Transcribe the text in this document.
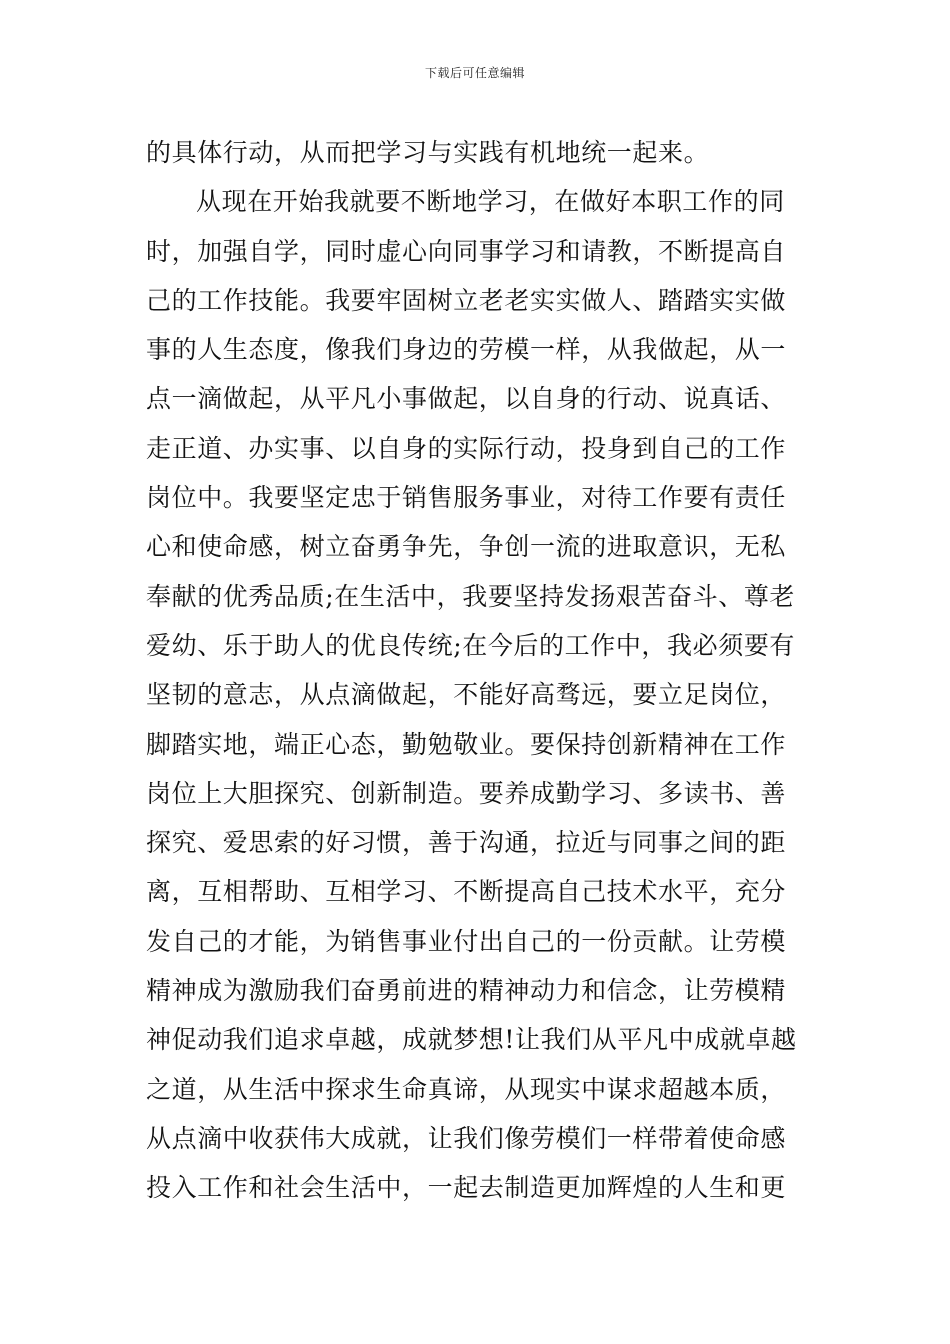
下载后可任意编辑
的具体行动，从而把学习与实践有机地统一起来。
从现在开始我就要不断地学习，在做好本职工作的同
时，加强自学，同时虚心向同事学习和请教，不断提高自
己的工作技能。我要牢固树立老老实实做人、踏踏实实做
事的人生态度，像我们身边的劳模一样，从我做起，从一
点一滴做起，从平凡小事做起，以自身的行动、说真话、
走正道、办实事、以自身的实际行动，投身到自己的工作
岗位中。我要坚定忠于销售服务事业，对待工作要有责任
心和使命感，树立奋勇争先，争创一流的进取意识，无私
奉献的优秀品质;在生活中，我要坚持发扬艰苦奋斗、尊老
爱幼、乐于助人的优良传统;在今后的工作中，我必须要有
坚韧的意志，从点滴做起，不能好高骛远，要立足岗位，
脚踏实地，端正心态，勤勉敬业。要保持创新精神在工作
岗位上大胆探究、创新制造。要养成勤学习、多读书、善
探究、爱思索的好习惯，善于沟通，拉近与同事之间的距
离，互相帮助、互相学习、不断提高自己技术水平，充分
发自己的才能，为销售事业付出自己的一份贡献。让劳模
精神成为激励我们奋勇前进的精神动力和信念，让劳模精
神促动我们追求卓越，成就梦想!让我们从平凡中成就卓越
之道，从生活中探求生命真谛，从现实中谋求超越本质，
从点滴中收获伟大成就，让我们像劳模们一样带着使命感
投入工作和社会生活中，一起去制造更加辉煌的人生和更
